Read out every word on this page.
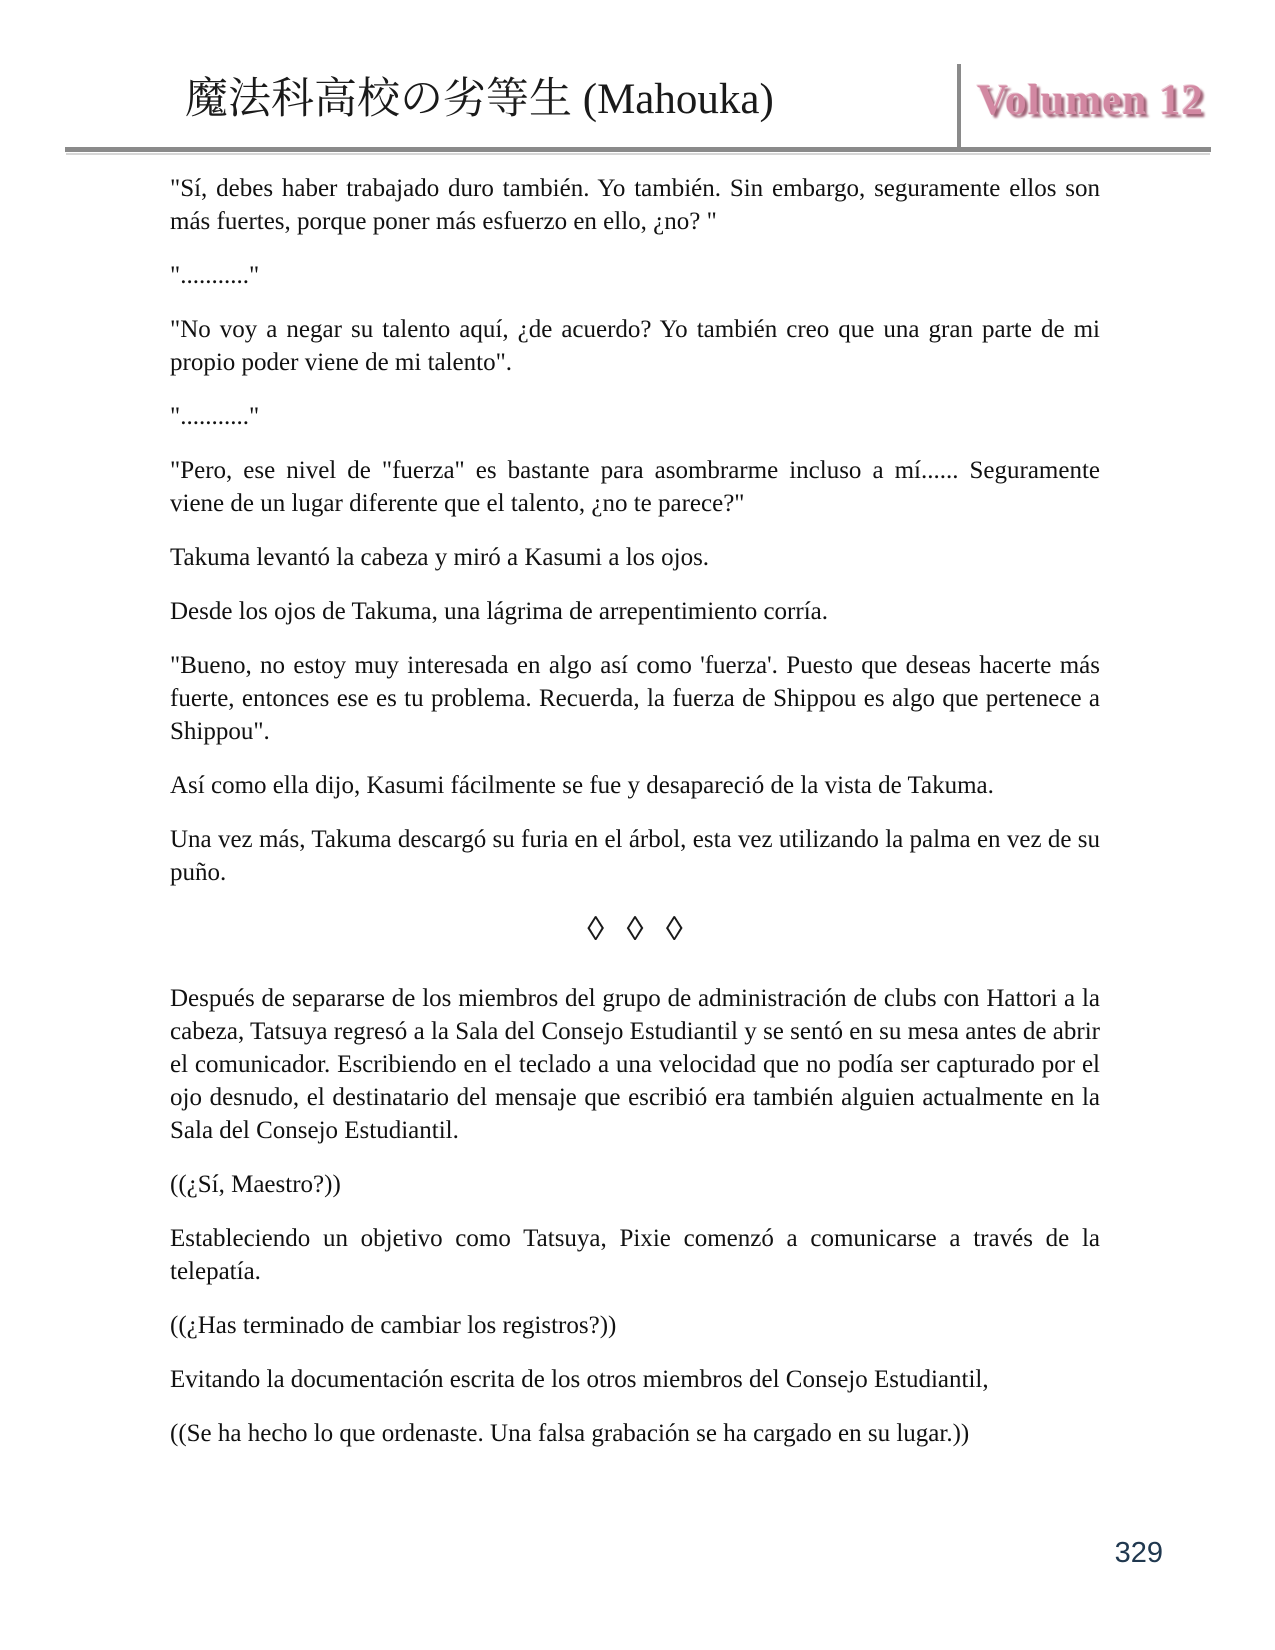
魔法科高校の劣等生 (Mahouka)	Volumen 12

"Sí, debes haber trabajado duro también. Yo también. Sin embargo, seguramente ellos son más fuertes, porque poner más esfuerzo en ello, ¿no? "

"..........."

"No voy a negar su talento aquí, ¿de acuerdo? Yo también creo que una gran parte de mi propio poder viene de mi talento".

"..........."

"Pero, ese nivel de "fuerza" es bastante para asombrarme incluso a mí...... Seguramente viene de un lugar diferente que el talento, ¿no te parece?"

Takuma levantó la cabeza y miró a Kasumi a los ojos.

Desde los ojos de Takuma, una lágrima de arrepentimiento corría.

"Bueno, no estoy muy interesada en algo así como 'fuerza'. Puesto que deseas hacerte más fuerte, entonces ese es tu problema. Recuerda, la fuerza de Shippou es algo que pertenece a Shippou".

Así como ella dijo, Kasumi fácilmente se fue y desapareció de la vista de Takuma.

Una vez más, Takuma descargó su furia en el árbol, esta vez utilizando la palma en vez de su puño.

◊ ◊ ◊

Después de separarse de los miembros del grupo de administración de clubs con Hattori a la cabeza, Tatsuya regresó a la Sala del Consejo Estudiantil y se sentó en su mesa antes de abrir el comunicador. Escribiendo en el teclado a una velocidad que no podía ser capturado por el ojo desnudo, el destinatario del mensaje que escribió era también alguien actualmente en la Sala del Consejo Estudiantil.

((¿Sí, Maestro?))

Estableciendo un objetivo como Tatsuya, Pixie comenzó a comunicarse a través de la telepatía.

((¿Has terminado de cambiar los registros?))

Evitando la documentación escrita de los otros miembros del Consejo Estudiantil,

((Se ha hecho lo que ordenaste. Una falsa grabación se ha cargado en su lugar.))

329
